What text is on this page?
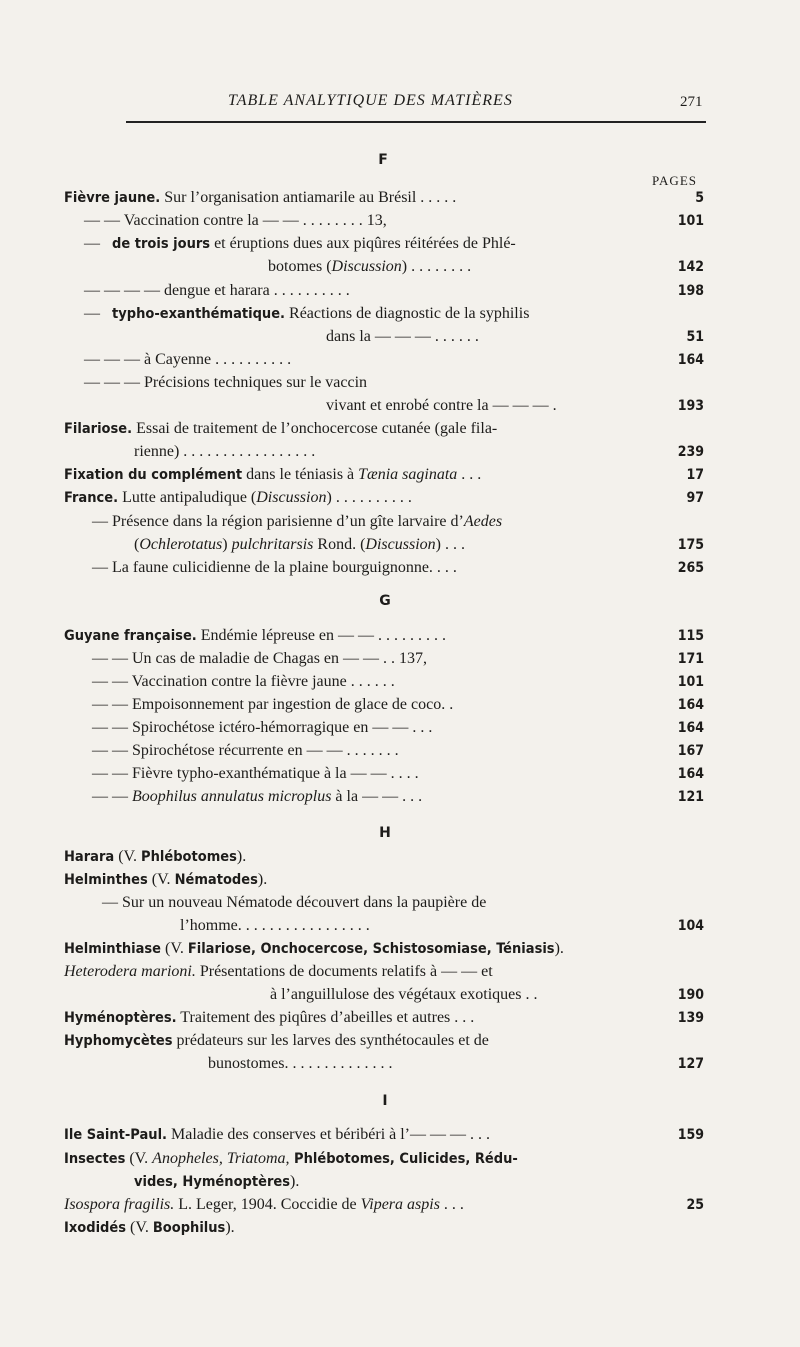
TABLE ANALYTIQUE DES MATIÈRES	271
F
PAGES
Fièvre jaune. Sur l’organisation antiamarile au Brésil . . . . .	5
— — Vaccination contre la — — . . . . . . . . 13,	101
— de trois jours et éruptions dues aux piqûres réitérées de Phlé-
botomes (Discussion) . . . . . . . .	142
— — — — dengue et harara . . . . . . . . . .	198
— typho-exanthématique. Réactions de diagnostic de la syphilis
dans la — — — . . . . . .	51
— — — à Cayenne . . . . . . . . . .	164
— — — Précisions techniques sur le vaccin
vivant et enrobé contre la — — — .	193
Filariose. Essai de traitement de l’onchocercose cutanée (gale fila-
rienne) . . . . . . . . . . . . . . . . .	239
Fixation du complément dans le téniasis à Tænia saginata . . .	17
France. Lutte antipaludique (Discussion) . . . . . . . . . .	97
— Présence dans la région parisienne d’un gîte larvaire d’Aedes
(Ochlerotatus) pulchritarsis Rond. (Discussion) . . .	175
— La faune culicidienne de la plaine bourguignonne. . . .	265
G
Guyane française. Endémie lépreuse en — — . . . . . . . . .	115
— — Un cas de maladie de Chagas en — — . . 137,	171
— — Vaccination contre la fièvre jaune . . . . . .	101
— — Empoisonnement par ingestion de glace de coco. .	164
— — Spirochétose ictéro-hémorragique en — — . . .	164
— — Spirochétose récurrente en — — . . . . . . .	167
— — Fièvre typho-exanthématique à la — — . . . .	164
— — Boophilus annulatus microplus à la — — . . .	121
H
Harara (V. Phlébotomes).
Helminthes (V. Nématodes).
— Sur un nouveau Nématode découvert dans la paupière de
l’homme. . . . . . . . . . . . . . . . .	104
Helminthiase (V. Filariose, Onchocercose, Schistosomiase, Téniasis).
Heterodera marioni. Présentations de documents relatifs à — — et
à l’anguillulose des végétaux exotiques . .	190
Hyménoptères. Traitement des piqûres d’abeilles et autres . . .	139
Hyphomycètes prédateurs sur les larves des synthétocaules et de
bunostomes. . . . . . . . . . . . . .	127
I
Ile Saint-Paul. Maladie des conserves et béribéri à l’— — — . . .	159
Insectes (V. Anopheles, Triatoma, Phlébotomes, Culicides, Rédu-
vides, Hyménoptères).
Isospora fragilis. L. Leger, 1904. Coccidie de Vipera aspis . . .	25
Ixodidés (V. Boophilus).
